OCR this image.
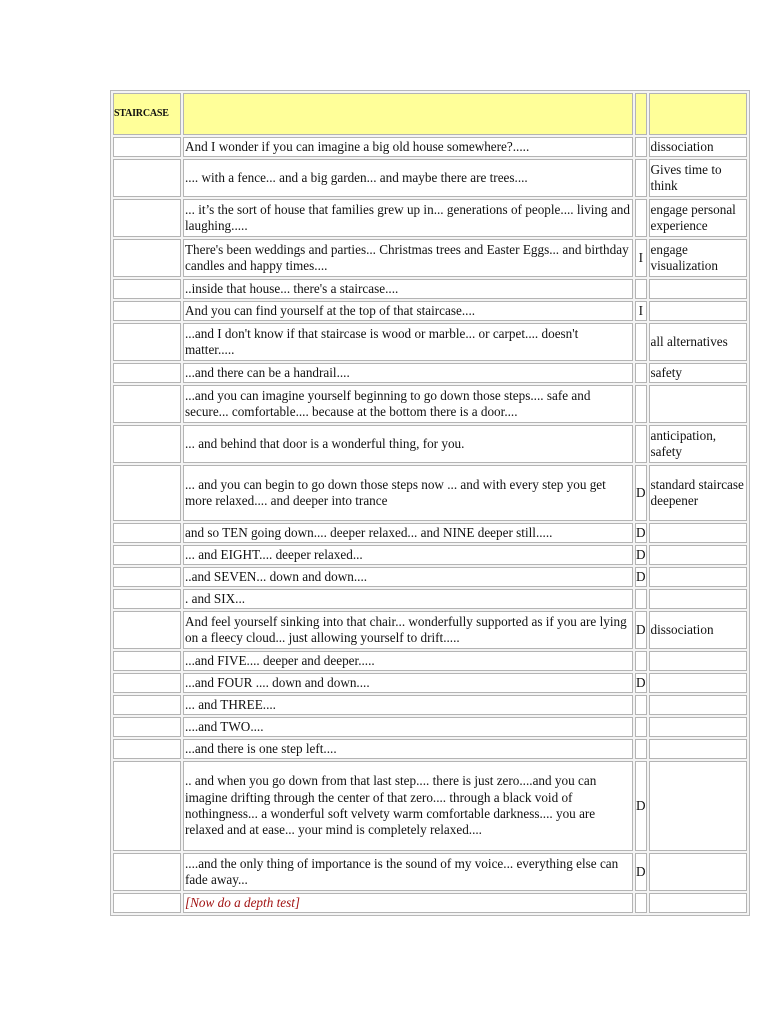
STAIRCASE			
	And I wonder if you can imagine a big old house somewhere?.....		dissociation
	.... with a fence... and a big garden... and maybe there are trees....		Gives time to think
	... it’s the sort of house that families grew up in... generations of people.... living and laughing.....		engage personal experience
	There's been weddings and parties... Christmas trees and Easter Eggs... and birthday candles and happy times....	I	engage visualization
	..inside that house... there's a staircase....		
	And you can find yourself at the top of that staircase....	I	
	...and I don't know if that staircase is wood or marble... or carpet.... doesn't matter.....		all alternatives
	...and there can be a handrail....		safety
	...and you can imagine yourself beginning to go down those steps.... safe and secure... comfortable.... because at the bottom there is a door....		
	... and behind that door is a wonderful thing, for you.		anticipation, safety
	... and you can begin to go down those steps now ... and with every step you get more relaxed.... and deeper into trance	D	standard staircase deepener
	and so TEN going down.... deeper relaxed... and NINE deeper still.....	D	
	... and EIGHT.... deeper relaxed...	D	
	..and SEVEN... down and down....	D	
	. and SIX...		
	And feel yourself sinking into that chair... wonderfully supported as if you are lying on a fleecy cloud... just allowing yourself to drift.....	D	dissociation
	...and FIVE.... deeper and deeper.....		
	...and FOUR .... down and down....	D	
	... and THREE....		
	....and TWO....		
	...and there is one step left....		
	.. and when you go down from that last step.... there is just zero....and you can imagine drifting through the center of that zero.... through a black void of nothingness... a wonderful soft velvety warm comfortable darkness.... you are relaxed and at ease... your mind is completely relaxed....	D	
	....and the only thing of importance is the sound of my voice... everything else can fade away...	D	
	[Now do a depth test]		
